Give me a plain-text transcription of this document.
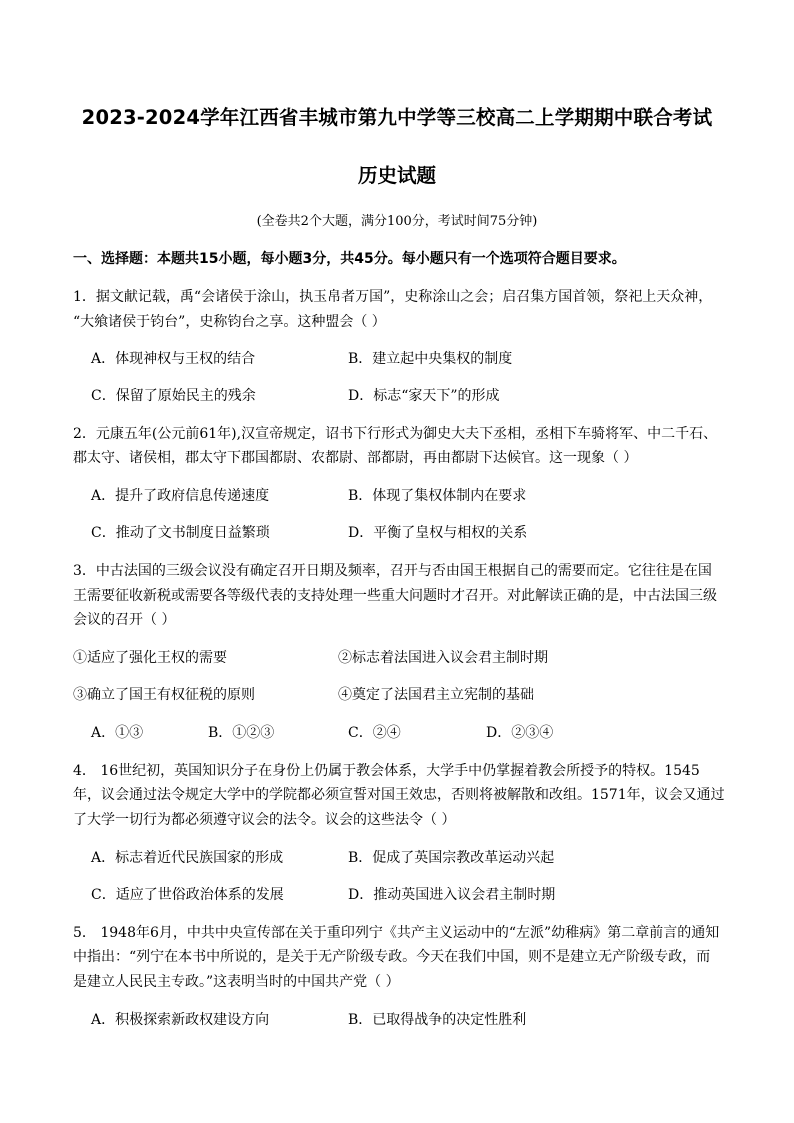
2023-2024学年江西省丰城市第九中学等三校高二上学期期中联合考试
历史试题
(全卷共2个大题，满分100分，考试时间75分钟)
一、选择题：本题共15小题，每小题3分，共45分。每小题只有一个选项符合题目要求。
1．据文献记载，禹“会诸侯于涂山，执玉帛者万国”，史称涂山之会；启召集方国首领，祭祀上天众神，
“大飨诸侯于钧台”，史称钧台之享。这种盟会（ ）
A．体现神权与王权的结合	B．建立起中央集权的制度
C．保留了原始民主的残余	D．标志“家天下”的形成
2．元康五年(公元前61年),汉宣帝规定，诏书下行形式为御史大夫下丞相，丞相下车骑将军、中二千石、
郡太守、诸侯相，郡太守下郡国都尉、农都尉、部都尉，再由都尉下达候官。这一现象（ ）
A．提升了政府信息传递速度	B．体现了集权体制内在要求
C．推动了文书制度日益繁琐	D．平衡了皇权与相权的关系
3．中古法国的三级会议没有确定召开日期及频率，召开与否由国王根据自己的需要而定。它往往是在国
王需要征收新税或需要各等级代表的支持处理一些重大问题时才召开。对此解读正确的是，中古法国三级
会议的召开（ ）
①适应了强化王权的需要	②标志着法国进入议会君主制时期
③确立了国王有权征税的原则	④奠定了法国君主立宪制的基础
A．①③	B．①②③	C．②④	D．②③④
4． 16世纪初，英国知识分子在身份上仍属于教会体系，大学手中仍掌握着教会所授予的特权。1545
年，议会通过法令规定大学中的学院都必须宣誓对国王效忠，否则将被解散和改组。1571年，议会又通过
了大学一切行为都必须遵守议会的法令。议会的这些法令（ ）
A．标志着近代民族国家的形成	B．促成了英国宗教改革运动兴起
C．适应了世俗政治体系的发展	D．推动英国进入议会君主制时期
5． 1948年6月，中共中央宣传部在关于重印列宁《共产主义运动中的“左派”幼稚病》第二章前言的通知
中指出：“列宁在本书中所说的，是关于无产阶级专政。今天在我们中国，则不是建立无产阶级专政，而
是建立人民民主专政。”这表明当时的中国共产党（ ）
A．积极探索新政权建设方向	B．已取得战争的决定性胜利
